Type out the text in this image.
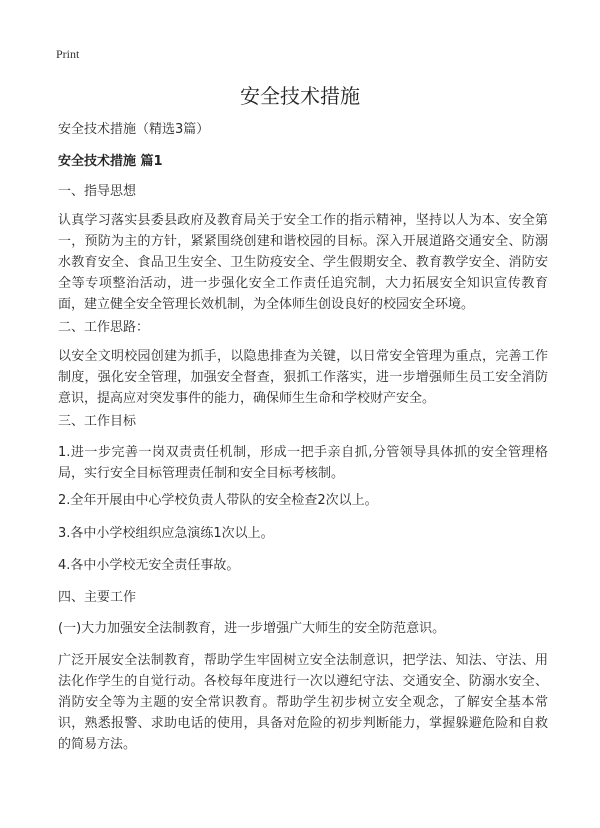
Print
安全技术措施
安全技术措施（精选3篇）
安全技术措施 篇1
一、指导思想

认真学习落实县委县政府及教育局关于安全工作的指示精神，坚持以人为本、安全第一，预防为主的方针，紧紧围绕创建和谐校园的目标。深入开展道路交通安全、防溺水教育安全、食品卫生安全、卫生防疫安全、学生假期安全、教育教学安全、消防安全等专项整治活动，进一步强化安全工作责任追究制，大力拓展安全知识宣传教育面，建立健全安全管理长效机制，为全体师生创设良好的校园安全环境。

二、工作思路：

以安全文明校园创建为抓手，以隐患排查为关键，以日常安全管理为重点，完善工作制度，强化安全管理，加强安全督查，狠抓工作落实，进一步增强师生员工安全消防意识，提高应对突发事件的能力，确保师生生命和学校财产安全。

三、工作目标

1.进一步完善一岗双责责任机制，形成一把手亲自抓,分管领导具体抓的安全管理格局，实行安全目标管理责任制和安全目标考核制。

2.全年开展由中心学校负责人带队的安全检查2次以上。

3.各中小学校组织应急演练1次以上。

4.各中小学校无安全责任事故。

四、主要工作

(一)大力加强安全法制教育，进一步增强广大师生的安全防范意识。

广泛开展安全法制教育，帮助学生牢固树立安全法制意识，把学法、知法、守法、用法化作学生的自觉行动。各校每年度进行一次以遵纪守法、交通安全、防溺水安全、消防安全等为主题的安全常识教育。帮助学生初步树立安全观念，了解安全基本常识，熟悉报警、求助电话的使用，具备对危险的初步判断能力，掌握躲避危险和自救的简易方法。
